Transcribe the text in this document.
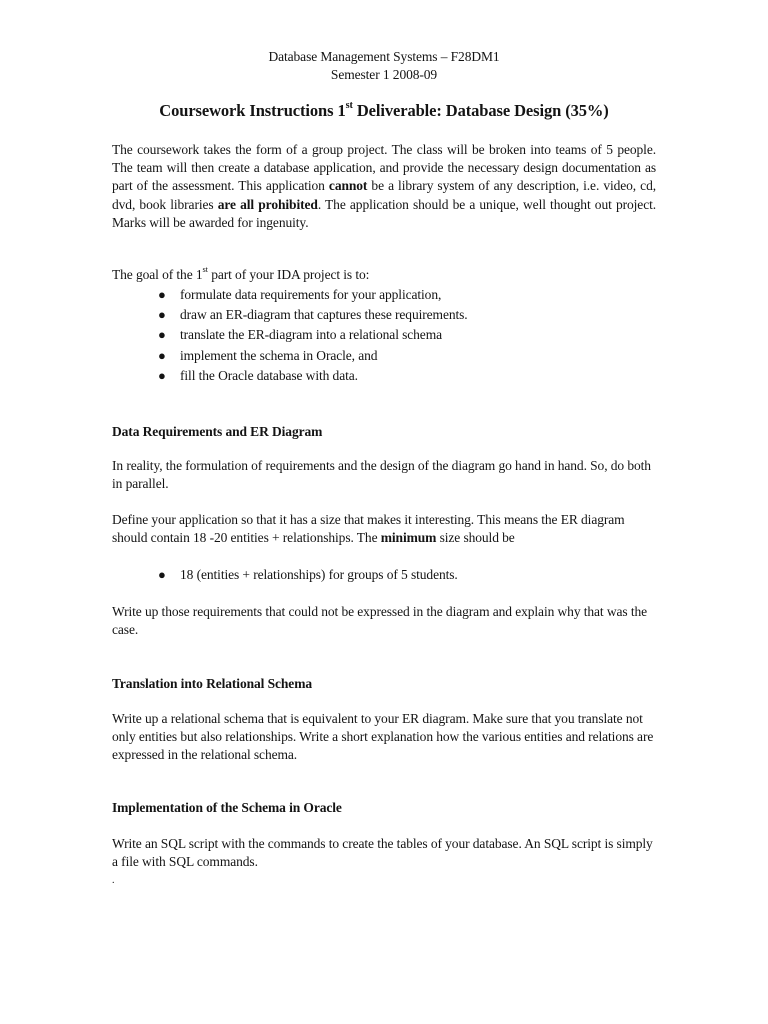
Database Management Systems – F28DM1
Semester 1 2008-09
Coursework Instructions 1st Deliverable: Database Design (35%)
The coursework takes the form of a group project. The class will be broken into teams of 5 people. The team will then create a database application, and provide the necessary design documentation as part of the assessment. This application cannot be a library system of any description, i.e. video, cd, dvd, book libraries are all prohibited. The application should be a unique, well thought out project. Marks will be awarded for ingenuity.
The goal of the 1st part of your IDA project is to:
● formulate data requirements for your application,
● draw an ER-diagram that captures these requirements.
● translate the ER-diagram into a relational schema
● implement the schema in Oracle, and
● fill the Oracle database with data.
Data Requirements and ER Diagram
In reality, the formulation of requirements and the design of the diagram go hand in hand. So, do both in parallel.
Define your application so that it has a size that makes it interesting. This means the ER diagram should contain 18 -20 entities + relationships. The minimum size should be
● 18 (entities + relationships) for groups of 5 students.
Write up those requirements that could not be expressed in the diagram and explain why that was the case.
Translation into Relational Schema
Write up a relational schema that is equivalent to your ER diagram. Make sure that you translate not only entities but also relationships. Write a short explanation how the various entities and relations are expressed in the relational schema.
Implementation of the Schema in Oracle
Write an SQL script with the commands to create the tables of your database. An SQL script is simply a file with SQL commands.
.
